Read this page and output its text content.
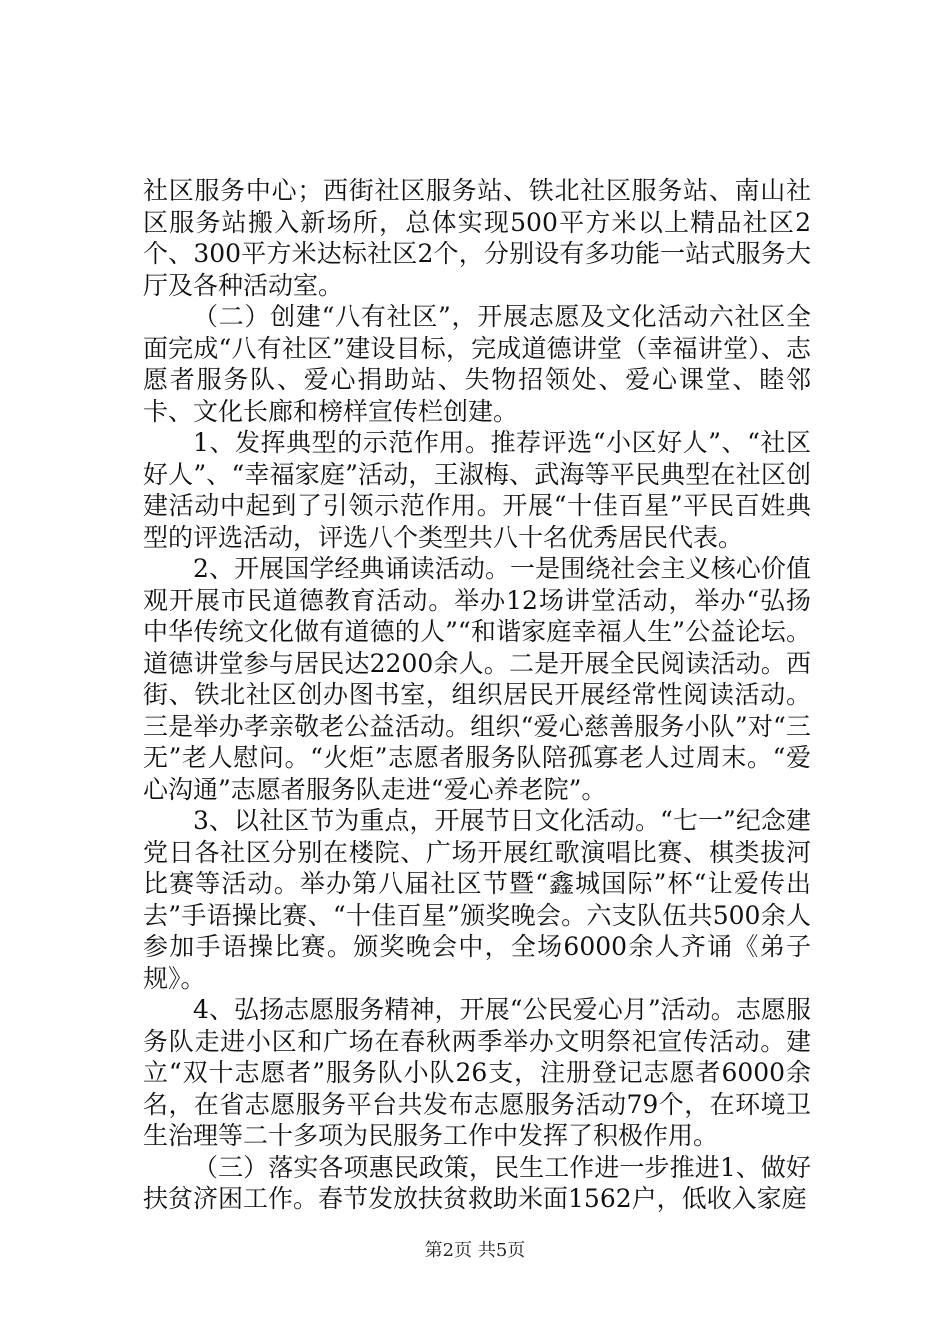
社区服务中心；西街社区服务站、铁北社区服务站、南山社区服务站搬入新场所，总体实现500平方米以上精品社区2个、300平方米达标社区2个，分别设有多功能一站式服务大厅及各种活动室。

（二）创建“八有社区”，开展志愿及文化活动六社区全面完成“八有社区”建设目标，完成道德讲堂（幸福讲堂）、志愿者服务队、爱心捐助站、失物招领处、爱心课堂、睦邻卡、文化长廊和榜样宣传栏创建。

1、发挥典型的示范作用。推荐评选“小区好人”、“社区好人”、“幸福家庭”活动，王淑梅、武海等平民典型在社区创建活动中起到了引领示范作用。开展“十佳百星”平民百姓典型的评选活动，评选八个类型共八十名优秀居民代表。

2、开展国学经典诵读活动。一是围绕社会主义核心价值观开展市民道德教育活动。举办12场讲堂活动，举办“弘扬中华传统文化做有道德的人”“和谐家庭幸福人生”公益论坛。道德讲堂参与居民达2200余人。二是开展全民阅读活动。西街、铁北社区创办图书室，组织居民开展经常性阅读活动。三是举办孝亲敬老公益活动。组织“爱心慈善服务小队”对“三无”老人慰问。“火炬”志愿者服务队陪孤寡老人过周末。“爱心沟通”志愿者服务队走进“爱心养老院”。

3、以社区节为重点，开展节日文化活动。“七一”纪念建党日各社区分别在楼院、广场开展红歌演唱比赛、棋类拔河比赛等活动。举办第八届社区节暨“鑫城国际”杯“让爱传出去”手语操比赛、“十佳百星”颁奖晚会。六支队伍共500余人参加手语操比赛。颁奖晚会中，全场6000余人齐诵《弟子规》。

4、弘扬志愿服务精神，开展“公民爱心月”活动。志愿服务队走进小区和广场在春秋两季举办文明祭祀宣传活动。建立“双十志愿者”服务队小队26支，注册登记志愿者6000余名，在省志愿服务平台共发布志愿服务活动79个，在环境卫生治理等二十多项为民服务工作中发挥了积极作用。

（三）落实各项惠民政策，民生工作进一步推进1、做好扶贫济困工作。春节发放扶贫救助米面1562户，低收入家庭

第2页 共5页
